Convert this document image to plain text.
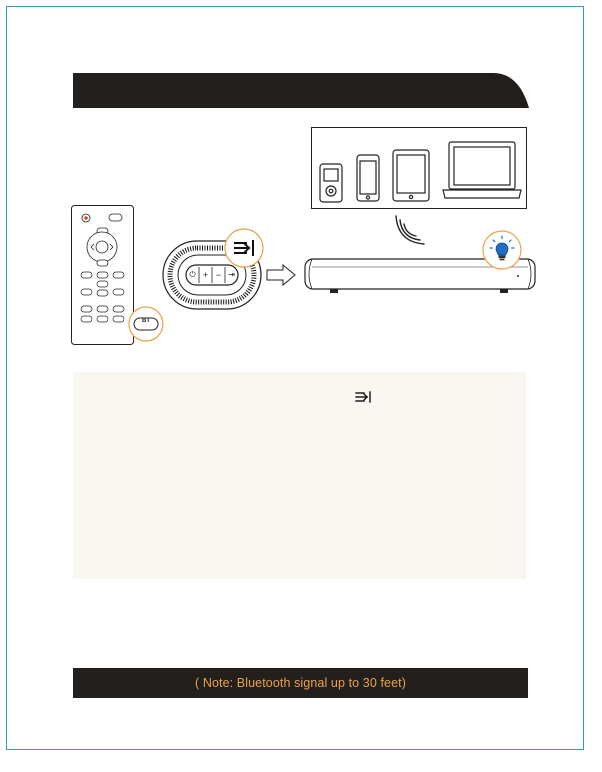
BT
⏻ + − ⇥
( Note: Bluetooth signal up to 30 feet)
